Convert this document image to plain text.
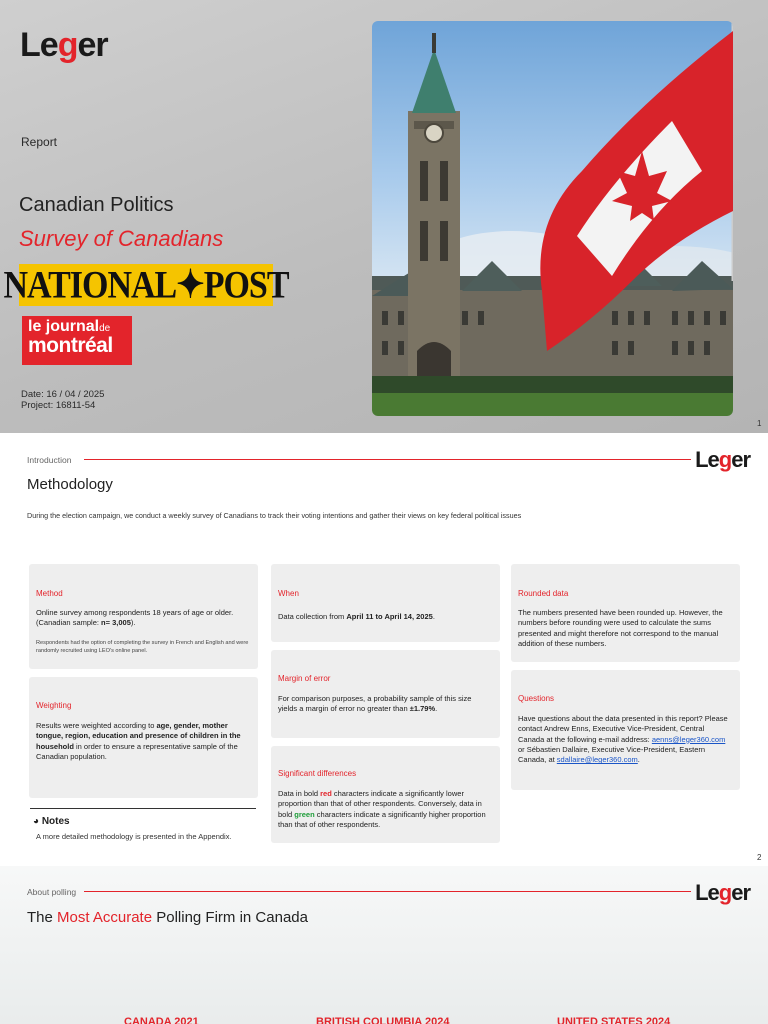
Leger
Report
Canadian Politics
Survey of Canadians
NATIONAL✦POST
le journalde
montréal
Date: 16 / 04 / 2025
Project: 16811-54
1
Introduction	Leger
Methodology
During the election campaign, we conduct a weekly survey of Canadians to track their voting intentions and gather their views on key federal political issues
Method
Online survey among respondents 18 years of age or older. (Canadian sample: n= 3,005).
Respondents had the option of completing the survey in French and English and were randomly recruited using LEO's online panel.
Weighting
Results were weighted according to age, gender, mother tongue, region, education and presence of children in the household in order to ensure a representative sample of the Canadian population.
When
Data collection from April 11 to April 14, 2025.
Margin of error
For comparison purposes, a probability sample of this size yields a margin of error no greater than ±1.79%.
Significant differences
Data in bold red characters indicate a significantly lower proportion than that of other respondents. Conversely, data in bold green characters indicate a significantly higher proportion than that of other respondents.
Rounded data
The numbers presented have been rounded up. However, the numbers before rounding were used to calculate the sums presented and might therefore not correspond to the manual addition of these numbers.
Questions
Have questions about the data presented in this report? Please contact Andrew Enns, Executive Vice-President, Central Canada at the following e-mail address: aenns@leger360.com or Sébastien Dallaire, Executive Vice-President, Eastern Canada, at sdallaire@leger360.com.
◕ Notes
A more detailed methodology is presented in the Appendix.
2
About polling	Leger
The Most Accurate Polling Firm in Canada
CANADA 2021	BRITISH COLUMBIA 2024	UNITED STATES 2024
